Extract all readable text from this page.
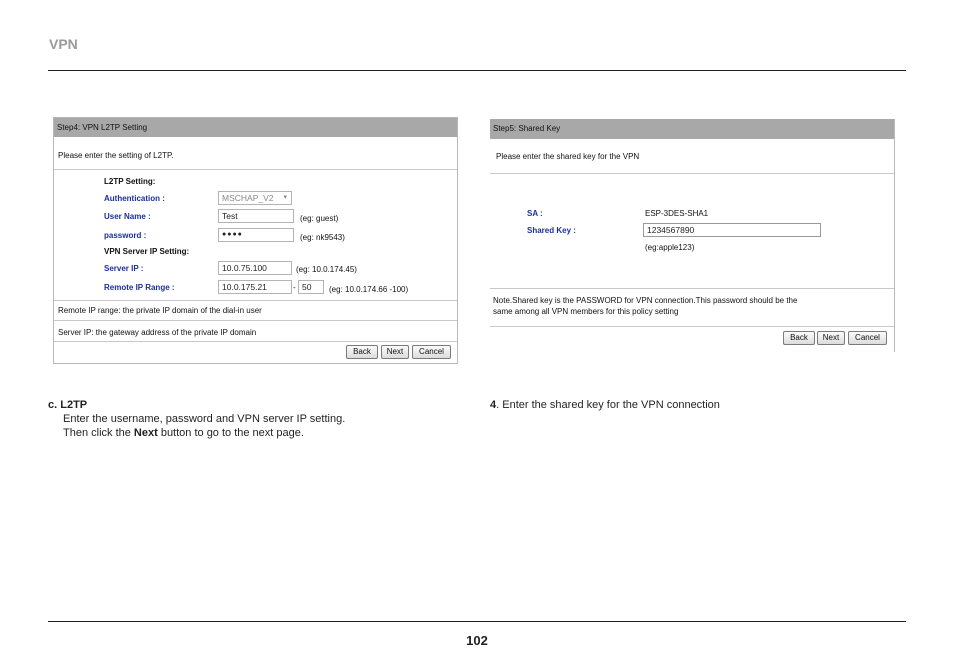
VPN
Step4: VPN L2TP Setting
Please enter the setting of L2TP.
L2TP Setting:
Authentication :	MSCHAP_V2 ▾
User Name :	Test	(eg: guest)
password :	●●●●	(eg: nk9543)
VPN Server IP Setting:
Server IP :	10.0.75.100	(eg: 10.0.174.45)
Remote IP Range :	10.0.175.21	- 50	(eg: 10.0.174.66 -100)
Remote IP range: the private IP domain of the dial-in user
Server IP: the gateway address of the private IP domain
Back	Next	Cancel
Step5: Shared Key
Please enter the shared key for the VPN
SA :	ESP-3DES-SHA1
Shared Key :	1234567890
(eg:apple123)
Note.Shared key is the PASSWORD for VPN connection.This password should be the
same among all VPN members for this policy setting
Back	Next	Cancel
c. L2TP
Enter the username, password and VPN server IP setting.
Then click the Next button to go to the next page.
4. Enter the shared key for the VPN connection
102
